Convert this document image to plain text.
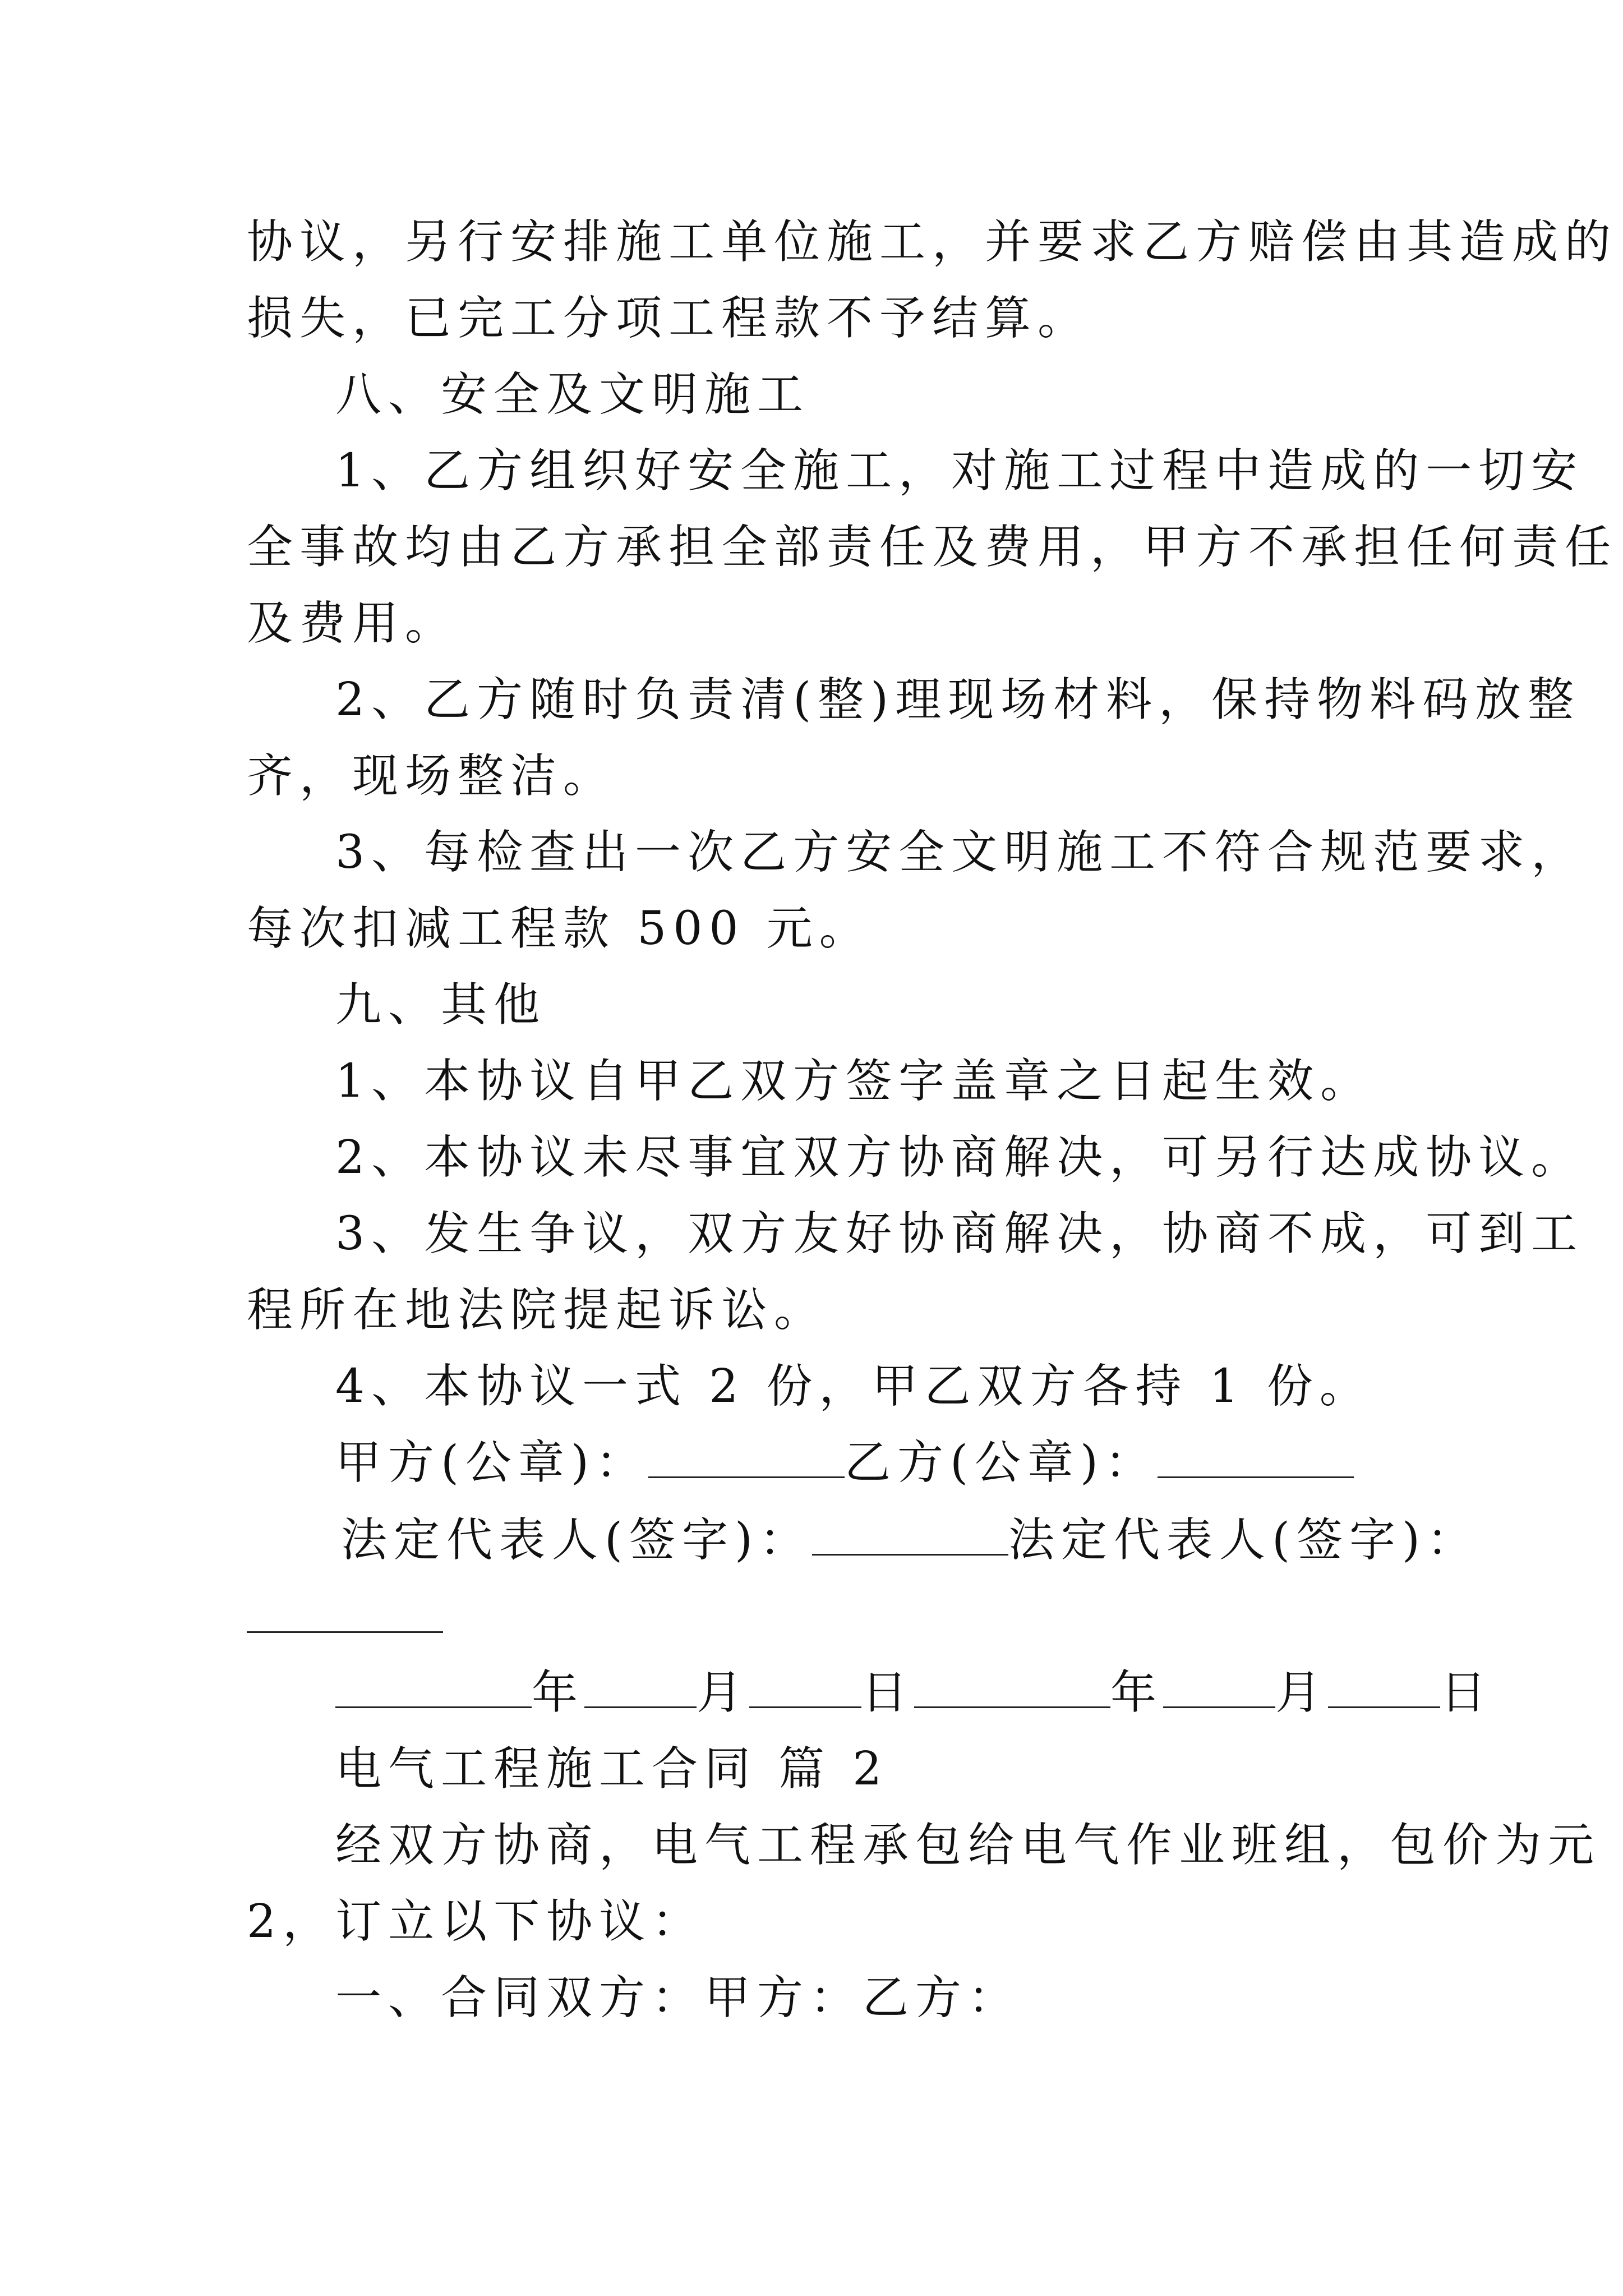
协议，另行安排施工单位施工，并要求乙方赔偿由其造成的
损失，已完工分项工程款不予结算。
八、安全及文明施工
1、乙方组织好安全施工，对施工过程中造成的一切安
全事故均由乙方承担全部责任及费用，甲方不承担任何责任
及费用。
2、乙方随时负责清(整)理现场材料，保持物料码放整
齐，现场整洁。
3、每检查出一次乙方安全文明施工不符合规范要求，
每次扣减工程款 500 元。
九、其他
1、本协议自甲乙双方签字盖章之日起生效。
2、本协议未尽事宜双方协商解决，可另行达成协议。
3、发生争议，双方友好协商解决，协商不成，可到工
程所在地法院提起诉讼。
4、本协议一式 2 份，甲乙双方各持 1 份。
甲方(公章)：	乙方(公章)：
法定代表人(签字)：	法定代表人(签字)：
年 月 日	年 月 日
电气工程施工合同 篇 2
经双方协商，电气工程承包给电气作业班组，包价为元
2，订立以下协议：
一、合同双方：甲方：乙方：
